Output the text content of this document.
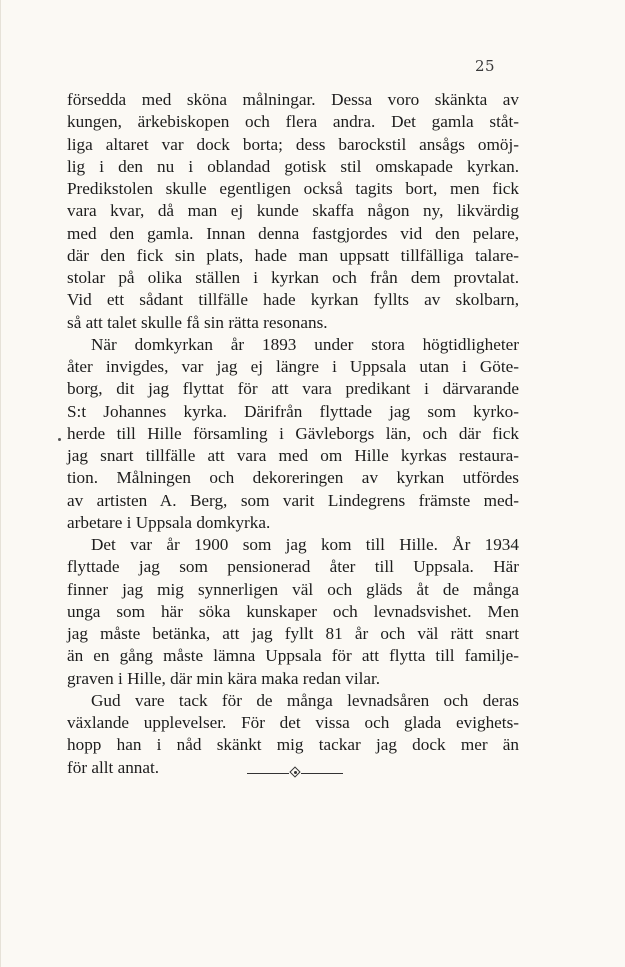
25
försedda med sköna målningar. Dessa voro skänkta av
kungen, ärkebiskopen och flera andra. Det gamla ståt-
liga altaret var dock borta; dess barockstil ansågs omöj-
lig i den nu i oblandad gotisk stil omskapade kyrkan.
Predikstolen skulle egentligen också tagits bort, men fick
vara kvar, då man ej kunde skaffa någon ny, likvärdig
med den gamla. Innan denna fastgjordes vid den pelare,
där den fick sin plats, hade man uppsatt tillfälliga talare-
stolar på olika ställen i kyrkan och från dem provtalat.
Vid ett sådant tillfälle hade kyrkan fyllts av skolbarn,
så att talet skulle få sin rätta resonans.
När domkyrkan år 1893 under stora högtidligheter
åter invigdes, var jag ej längre i Uppsala utan i Göte-
borg, dit jag flyttat för att vara predikant i därvarande
S:t Johannes kyrka. Därifrån flyttade jag som kyrko-
herde till Hille församling i Gävleborgs län, och där fick
jag snart tillfälle att vara med om Hille kyrkas restaura-
tion. Målningen och dekoreringen av kyrkan utfördes
av artisten A. Berg, som varit Lindegrens främste med-
arbetare i Uppsala domkyrka.
Det var år 1900 som jag kom till Hille. År 1934
flyttade jag som pensionerad åter till Uppsala. Här
finner jag mig synnerligen väl och gläds åt de många
unga som här söka kunskaper och levnadsvishet. Men
jag måste betänka, att jag fyllt 81 år och väl rätt snart
än en gång måste lämna Uppsala för att flytta till familje-
graven i Hille, där min kära maka redan vilar.
Gud vare tack för de många levnadsåren och deras
växlande upplevelser. För det vissa och glada evighets-
hopp han i nåd skänkt mig tackar jag dock mer än
för allt annat.
